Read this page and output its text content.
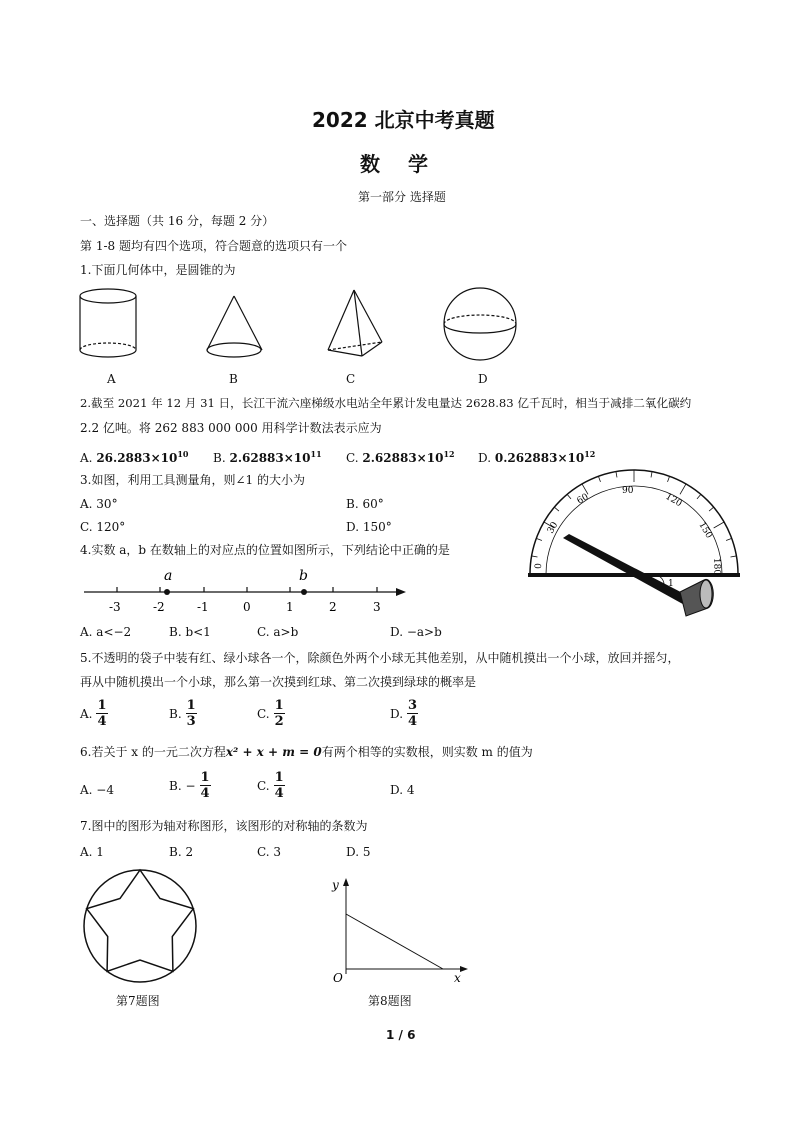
2022 北京中考真题
数学
第一部分 选择题
一、选择题（共 16 分，每题 2 分）
第 1-8 题均有四个选项，符合题意的选项只有一个
1.下面几何体中，是圆锥的为
A	B	C	D
2.截至 2021 年 12 月 31 日，长江干流六座梯级水电站全年累计发电量达 2628.83 亿千瓦时，相当于减排二氧化碳约
2.2 亿吨。将 262 883 000 000 用科学计数法表示应为
A. $26.2883\times 10^{10}$ B. $2.62883\times 10^{11}$ C. $2.62883\times 10^{12}$ D. $0.262883\times 10^{12}$
3.如图，利用工具测量角，则∠1 的大小为
A. 30°	B. 60°
C. 120°	D. 150°
0
30
60
90
120
150
180
1
4.实数 a，b 在数轴上的对应点的位置如图所示，下列结论中正确的是
-3	-2	-1	0	1	2	3
a	b
A. a<−2	B. b<1	C. a>b	D. −a>b
5.不透明的袋子中装有红、绿小球各一个，除颜色外两个小球无其他差别，从中随机摸出一个小球，放回并摇匀，
再从中随机摸出一个小球，那么第一次摸到红球、第二次摸到绿球的概率是
A. $\frac{1}{4}$	B. $\frac{1}{3}$	C. $\frac{1}{2}$	D. $\frac{3}{4}$
6.若关于 x 的一元二次方程x² + x + m = 0有两个相等的实数根，则实数 m 的值为
A. −4	B. − $\frac{1}{4}$	C. $\frac{1}{4}$	D. 4
7.图中的图形为轴对称图形，该图形的对称轴的条数为
A. 1	B. 2	C. 3	D. 5
第7题图
y
x
O
第8题图
1 / 6
